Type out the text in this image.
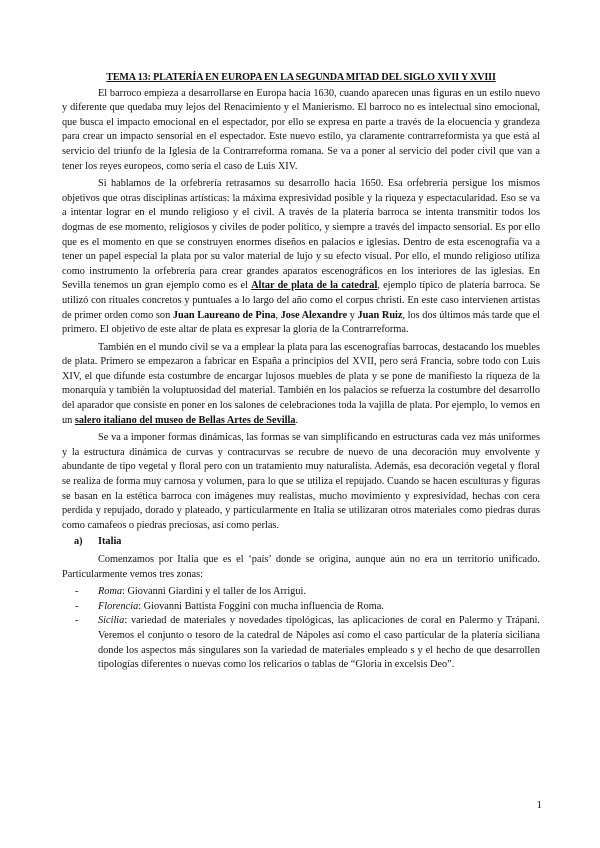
TEMA 13: PLATERÍA EN EUROPA EN LA SEGUNDA MITAD DEL SIGLO XVII Y XVIII

El barroco empieza a desarrollarse en Europa hacia 1630, cuando aparecen unas figuras en un estilo nuevo y diferente que quedaba muy lejos del Renacimiento y el Manierismo. El barroco no es intelectual sino emocional, que busca el impacto emocional en el espectador, por ello se expresa en parte a través de la elocuencia y grandeza para crear un impacto sensorial en el espectador. Este nuevo estilo, ya claramente contrarreformista ya que está al servicio del triunfo de la Iglesia de la Contrarreforma romana. Se va a poner al servicio del poder civil que van a tener los reyes europeos, como sería el caso de Luis XIV.

Si hablamos de la orfebrería retrasamos su desarrollo hacia 1650. Esa orfebrería persigue los mismos objetivos que otras disciplinas artísticas: la máxima expresividad posible y la riqueza y espectacularidad. Eso se va a intentar lograr en el mundo religioso y el civil. A través de la platería barroca se intenta transmitir todos los dogmas de ese momento, religiosos y civiles de poder político, y siempre a través del impacto sensorial. Es por ello que es el momento en que se construyen enormes diseños en palacios e iglesias. Dentro de esta escenografía va a tener un papel especial la plata por su valor material de lujo y su efecto visual. Por ello, el mundo religioso utiliza como instrumento la orfebrería para crear grandes aparatos escenográficos en los interiores de las iglesias. En Sevilla tenemos un gran ejemplo como es el Altar de plata de la catedral, ejemplo típico de platería barroca. Se utilizó con rituales concretos y puntuales a lo largo del año como el corpus christi. En este caso intervienen artistas de primer orden como son Juan Laureano de Pina, Jose Alexandre y Juan Ruiz, los dos últimos más tarde que el primero. El objetivo de este altar de plata es expresar la gloria de la Contrarreforma.

También en el mundo civil se va a emplear la plata para las escenografías barrocas, destacando los muebles de plata. Primero se empezaron a fabricar en España a principios del XVII, pero será Francia, sobre todo con Luis XIV, el que difunde esta costumbre de encargar lujosos muebles de plata y se pone de manifiesto la riqueza de la monarquía y también la voluptuosidad del material. También en los palacios se refuerza la costumbre del desarrollo del aparador que consiste en poner en los salones de celebraciones toda la vajilla de plata. Por ejemplo, lo vemos en un salero italiano del museo de Bellas Artes de Sevilla.

Se va a imponer formas dinámicas, las formas se van simplificando en estructuras cada vez más uniformes y la estructura dinámica de curvas y contracurvas se recubre de nuevo de una decoración muy envolvente y abundante de tipo vegetal y floral pero con un tratamiento muy naturalista. Además, esa decoración vegetal y floral se realiza de forma muy carnosa y volumen, para lo que se utiliza el repujado. Cuando se hacen esculturas y figuras se basan en la estética barroca con imágenes muy realistas, mucho movimiento y expresividad, hechas con cera perdida y repujado, dorado y plateado, y particularmente en Italia se utilizaran otros materiales como piedras duras como camafeos o piedras preciosas, así como perlas.

a)	Italia

Comenzamos por Italia que es el ‘país’ donde se origina, aunque aún no era un territorio unificado. Particularmente vemos tres zonas:

-	Roma: Giovanni Giardini y el taller de los Arrigui.
-	Florencia: Giovanni Battista Foggini con mucha influencia de Roma.
-	Sicilia: variedad de materiales y novedades tipológicas, las aplicaciones de coral en Palermo y Trápani. Veremos el conjunto o tesoro de la catedral de Nápoles así como el caso particular de la platería siciliana donde los aspectos más singulares son la variedad de materiales empleado s y el hecho de que desarrollen tipologías diferentes o nuevas como los relicarios o tablas de “Gloria in excelsis Deo”.
1
